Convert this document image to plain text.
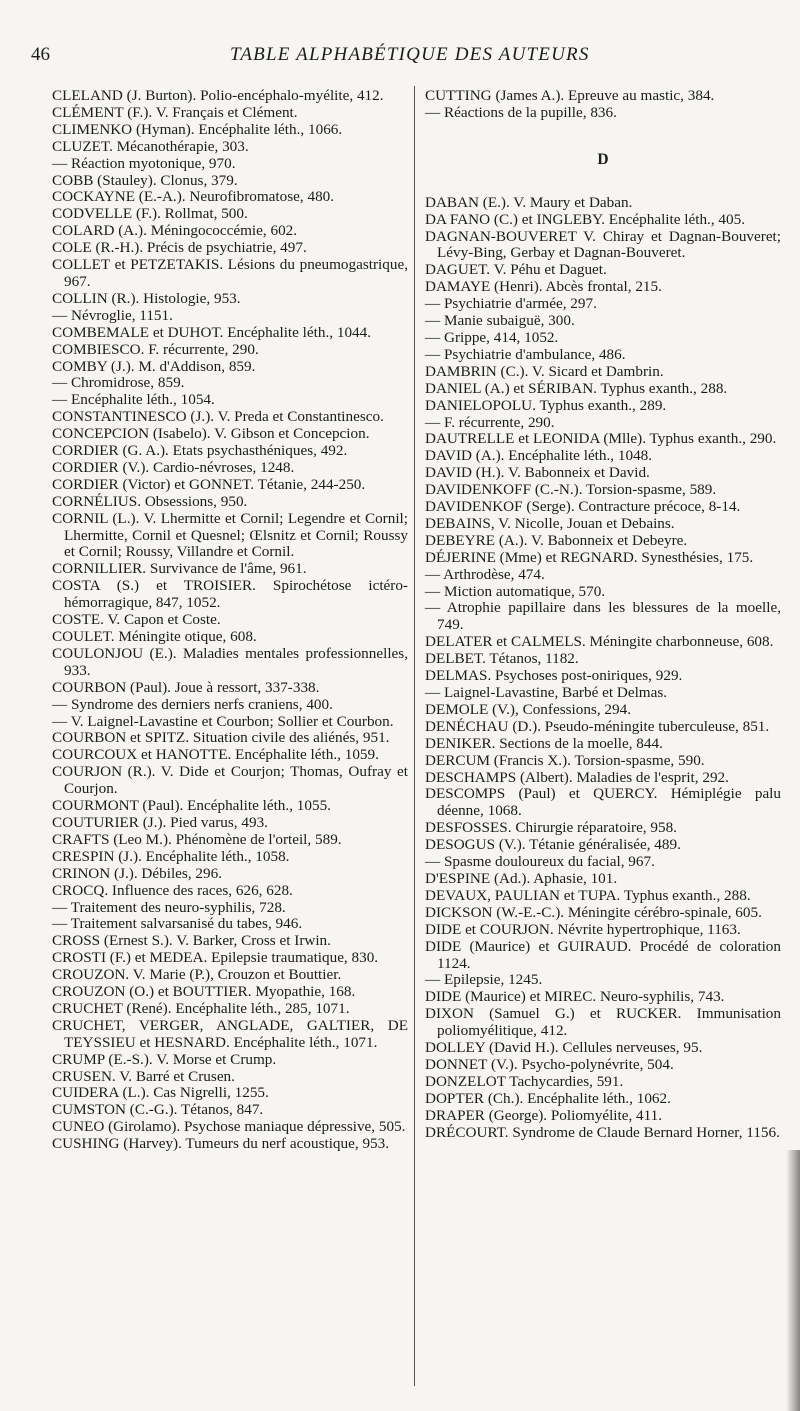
46	TABLE ALPHABÉTIQUE DES AUTEURS
CLELAND (J. Burton). Polio-encéphalo-myélite, 412.
CLÉMENT (F.). V. Français et Clément.
CLIMENKO (Hyman). Encéphalite léth., 1066.
CLUZET. Mécanothérapie, 303.
— Réaction myotonique, 970.
COBB (Stauley). Clonus, 379.
COCKAYNE (E.-A.). Neurofibromatose, 480.
CODVELLE (F.). Rollmat, 500.
COLARD (A.). Méningococcémie, 602.
COLE (R.-H.). Précis de psychiatrie, 497.
COLLET et PETZETAKIS. Lésions du pneumogastrique, 967.
COLLIN (R.). Histologie, 953.
— Névroglie, 1151.
COMBEMALE et DUHOT. Encéphalite léth., 1044.
COMBIESCO. F. récurrente, 290.
COMBY (J.). M. d'Addison, 859.
— Chromidrose, 859.
— Encéphalite léth., 1054.
CONSTANTINESCO (J.). V. Preda et Constantinesco.
CONCEPCION (Isabelo). V. Gibson et Concepcion.
CORDIER (G. A.). Etats psychasthéniques, 492.
CORDIER (V.). Cardio-névroses, 1248.
CORDIER (Victor) et GONNET. Tétanie, 244-250.
CORNÉLIUS. Obsessions, 950.
CORNIL (L.). V. Lhermitte et Cornil; Legendre et Cornil; Lhermitte, Cornil et Quesnel; Œlsnitz et Cornil; Roussy et Cornil; Roussy, Villandre et Cornil.
CORNILLIER. Survivance de l'âme, 961.
COSTA (S.) et TROISIER. Spirochétose ictéro-hémorragique, 847, 1052.
COSTE. V. Capon et Coste.
COULET. Méningite otique, 608.
COULONJOU (E.). Maladies mentales professionnelles, 933.
COURBON (Paul). Joue à ressort, 337-338.
— Syndrome des derniers nerfs craniens, 400.
— V. Laignel-Lavastine et Courbon; Sollier et Courbon.
COURBON et SPITZ. Situation civile des aliénés, 951.
COURCOUX et HANOTTE. Encéphalite léth., 1059.
COURJON (R.). V. Dide et Courjon; Thomas, Oufray et Courjon.
COURMONT (Paul). Encéphalite léth., 1055.
COUTURIER (J.). Pied varus, 493.
CRAFTS (Leo M.). Phénomène de l'orteil, 589.
CRESPIN (J.). Encéphalite léth., 1058.
CRINON (J.). Débiles, 296.
CROCQ. Influence des races, 626, 628.
— Traitement des neuro-syphilis, 728.
— Traitement salvarsanisé du tabes, 946.
CROSS (Ernest S.). V. Barker, Cross et Irwin.
CROSTI (F.) et MEDEA. Epilepsie traumatique, 830.
CROUZON. V. Marie (P.), Crouzon et Bouttier.
CROUZON (O.) et BOUTTIER. Myopathie, 168.
CRUCHET (René). Encéphalite léth., 285, 1071.
CRUCHET, VERGER, ANGLADE, GALTIER, DE TEYSSIEU et HESNARD. Encéphalite léth., 1071.
CRUMP (E.-S.). V. Morse et Crump.
CRUSEN. V. Barré et Crusen.
CUIDERA (L.). Cas Nigrelli, 1255.
CUMSTON (C.-G.). Tétanos, 847.
CUNEO (Girolamo). Psychose maniaque dépressive, 505.
CUSHING (Harvey). Tumeurs du nerf acoustique, 953.
CUTTING (James A.). Epreuve au mastic, 384.
— Réactions de la pupille, 836.
D
DABAN (E.). V. Maury et Daban.
DA FANO (C.) et INGLEBY. Encéphalite léth., 405.
DAGNAN-BOUVERET V. Chiray et Dagnan-Bouveret; Lévy-Bing, Gerbay et Dagnan-Bouveret.
DAGUET. V. Péhu et Daguet.
DAMAYE (Henri). Abcès frontal, 215.
— Psychiatrie d'armée, 297.
— Manie subaiguë, 300.
— Grippe, 414, 1052.
— Psychiatrie d'ambulance, 486.
DAMBRIN (C.). V. Sicard et Dambrin.
DANIEL (A.) et SÉRIBAN. Typhus exanth., 288.
DANIELOPOLU. Typhus exanth., 289.
— F. récurrente, 290.
DAUTRELLE et LEONIDA (Mlle). Typhus exanth., 290.
DAVID (A.). Encéphalite léth., 1048.
DAVID (H.). V. Babonneix et David.
DAVIDENKOFF (C.-N.). Torsion-spasme, 589.
DAVIDENKOF (Serge). Contracture précoce, 8-14.
DEBAINS, V. Nicolle, Jouan et Debains.
DEBEYRE (A.). V. Babonneix et Debeyre.
DÉJERINE (Mme) et REGNARD. Synesthésies, 175.
— Arthrodèse, 474.
— Miction automatique, 570.
— Atrophie papillaire dans les blessures de la moelle, 749.
DELATER et CALMELS. Méningite charbonneuse, 608.
DELBET. Tétanos, 1182.
DELMAS. Psychoses post-oniriques, 929.
— Laignel-Lavastine, Barbé et Delmas.
DEMOLE (V.), Confessions, 294.
DENÉCHAU (D.). Pseudo-méningite tuberculeuse, 851.
DENIKER. Sections de la moelle, 844.
DERCUM (Francis X.). Torsion-spasme, 590.
DESCHAMPS (Albert). Maladies de l'esprit, 292.
DESCOMPS (Paul) et QUERCY. Hémiplégie palu déenne, 1068.
DESFOSSES. Chirurgie réparatoire, 958.
DESOGUS (V.). Tétanie généralisée, 489.
— Spasme douloureux du facial, 967.
D'ESPINE (Ad.). Aphasie, 101.
DEVAUX, PAULIAN et TUPA. Typhus exanth., 288.
DICKSON (W.-E.-C.). Méningite cérébro-spinale, 605.
DIDE et COURJON. Névrite hypertrophique, 1163.
DIDE (Maurice) et GUIRAUD. Procédé de coloration 1124.
— Epilepsie, 1245.
DIDE (Maurice) et MIREC. Neuro-syphilis, 743.
DIXON (Samuel G.) et RUCKER. Immunisation poliomyélitique, 412.
DOLLEY (David H.). Cellules nerveuses, 95.
DONNET (V.). Psycho-polynévrite, 504.
DONZELOT Tachycardies, 591.
DOPTER (Ch.). Encéphalite léth., 1062.
DRAPER (George). Poliomyélite, 411.
DRÉCOURT. Syndrome de Claude Bernard Horner, 1156.
